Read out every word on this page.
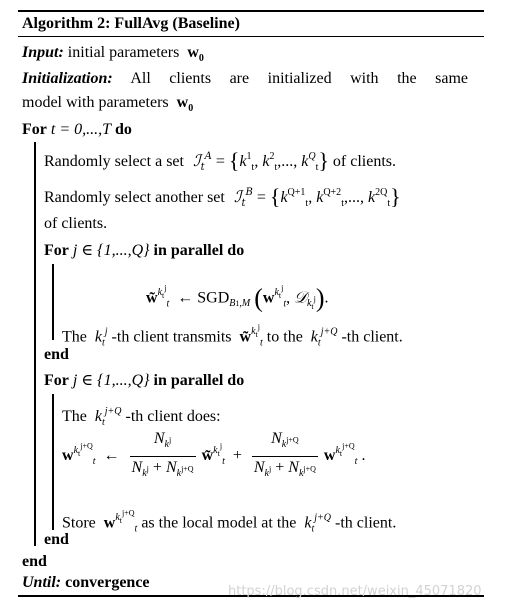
Algorithm 2: FullAvg (Baseline)
Input: initial parameters  $w_0$
Initialization: All clients are initialized with the same
model with parameters  $w_0$
For t = 0,...,T do
Randomly select a set  ℐ$_t^A$ = {$k^1_t$, $k^2_t$,..., $k^Q_t$} of clients.
Randomly select another set  ℐ$_t^B$ = {$k^{Q+1}_t$, $k^{Q+2}_t$,..., $k^{2Q}_t$}
of clients.
For j ∈ {1,...,Q} in parallel do
w̃$^{k_t^j}_t$  ← $SGD_{B1,M}$ ($w^{k_t^j}_t$, 𝒟$_{k_t^j}$).
The  $k_t^j$ -th client transmits  w̃$^{k_t^j}_t$ to the  $k_t^{j+Q}$ -th client.
end
For j ∈ {1,...,Q} in parallel do
The  $k_t^{j+Q}$ -th client does:
$w^{k_t^{j+Q}}_t$  ← $\frac{N_{k^j}}{N_{k^j} + N_{k^{j+Q}}}$ w̃$^{k_t^j}_t$  + $\frac{N_{k^{j+Q}}}{N_{k^j} + N_{k^{j+Q}}} w^{k_t^{j+Q}}_t$ .
Store  $w^{k_t^{j+Q}}_t$ as the local model at the  $k_t^{j+Q}$ -th client.
end
end
Until: convergence
https://blog.csdn.net/weixin_45071820
